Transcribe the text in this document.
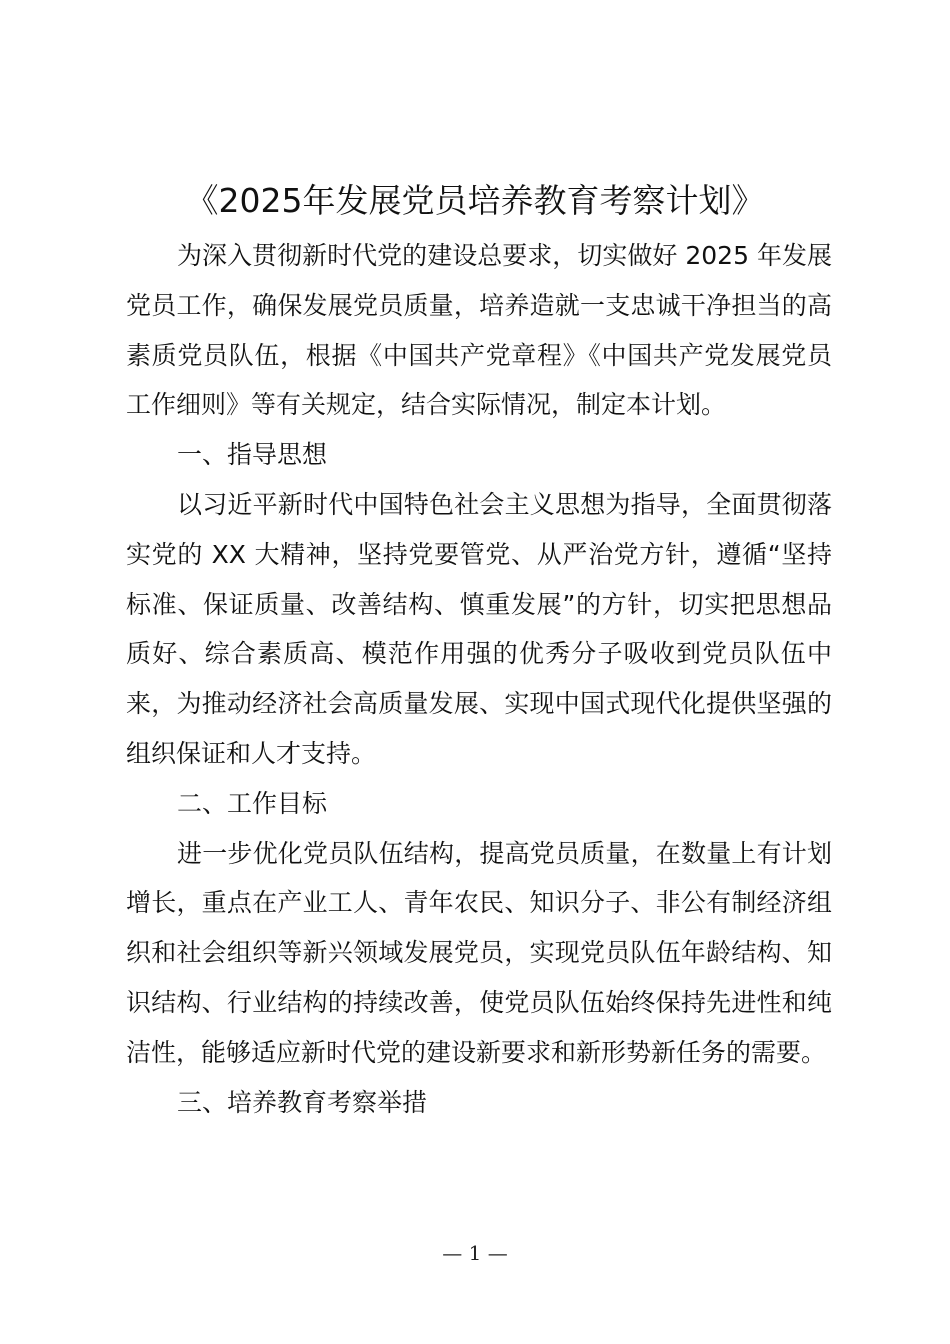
《2025年发展党员培养教育考察计划》

为深入贯彻新时代党的建设总要求，切实做好 2025 年发展党员工作，确保发展党员质量，培养造就一支忠诚干净担当的高素质党员队伍，根据《中国共产党章程》《中国共产党发展党员工作细则》等有关规定，结合实际情况，制定本计划。

一、指导思想

以习近平新时代中国特色社会主义思想为指导，全面贯彻落实党的 XX 大精神，坚持党要管党、从严治党方针，遵循“坚持标准、保证质量、改善结构、慎重发展”的方针，切实把思想品质好、综合素质高、模范作用强的优秀分子吸收到党员队伍中来，为推动经济社会高质量发展、实现中国式现代化提供坚强的组织保证和人才支持。

二、工作目标

进一步优化党员队伍结构，提高党员质量，在数量上有计划增长，重点在产业工人、青年农民、知识分子、非公有制经济组织和社会组织等新兴领域发展党员，实现党员队伍年龄结构、知识结构、行业结构的持续改善，使党员队伍始终保持先进性和纯洁性，能够适应新时代党的建设新要求和新形势新任务的需要。

三、培养教育考察举措

— 1 —
